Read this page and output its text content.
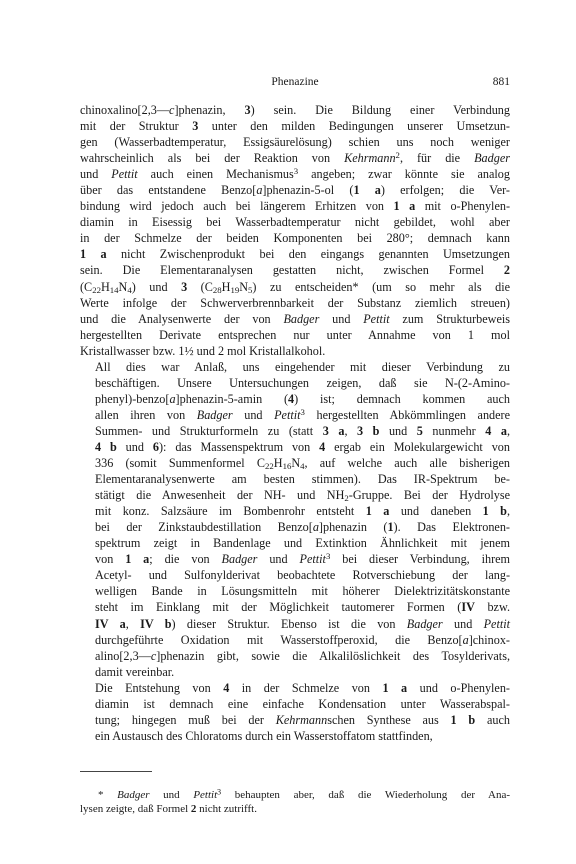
Phenazine	881

chinoxalino[2,3—c]phenazin, 3) sein. Die Bildung einer Verbindung
mit der Struktur 3 unter den milden Bedingungen unserer Umsetzun-
gen (Wasserbadtemperatur, Essigsäurelösung) schien uns noch weniger
wahrscheinlich als bei der Reaktion von Kehrmann$^2$, für die Badger
und Pettit auch einen Mechanismus$^3$ angeben; zwar könnte sie analog
über das entstandene Benzo[a]phenazin-5-ol (1 a) erfolgen; die Ver-
bindung wird jedoch auch bei längerem Erhitzen von 1 a mit o-Phenylen-
diamin in Eisessig bei Wasserbadtemperatur nicht gebildet, wohl aber
in der Schmelze der beiden Komponenten bei 280°; demnach kann
1 a nicht Zwischenprodukt bei den eingangs genannten Umsetzungen
sein. Die Elementaranalysen gestatten nicht, zwischen Formel 2
$(C_{22}H_{14}N_4)$ und 3 $(C_{28}H_{19}N_5)$ zu entscheiden* (um so mehr als die
Werte infolge der Schwerverbrennbarkeit der Substanz ziemlich streuen)
und die Analysenwerte der von Badger und Pettit zum Strukturbeweis
hergestellten Derivate entsprechen nur unter Annahme von 1 mol
Kristallwasser bzw. 1½ und 2 mol Kristallalkohol.

All dies war Anlaß, uns eingehender mit dieser Verbindung zu
beschäftigen. Unsere Untersuchungen zeigen, daß sie N-(2-Amino-
phenyl)-benzo[a]phenazin-5-amin (4) ist; demnach kommen auch
allen ihren von Badger und Pettit$^3$ hergestellten Abkömmlingen andere
Summen- und Strukturformeln zu (statt 3 a, 3 b und 5 nunmehr 4 a,
4 b und 6): das Massenspektrum von 4 ergab ein Molekulargewicht von
336 (somit Summenformel $C_{22}H_{16}N_4$, auf welche auch alle bisherigen
Elementaranalysenwerte am besten stimmen). Das IR-Spektrum be-
stätigt die Anwesenheit der NH- und $NH_2$-Gruppe. Bei der Hydrolyse
mit konz. Salzsäure im Bombenrohr entsteht 1 a und daneben 1 b,
bei der Zinkstaubdestillation Benzo[a]phenazin (1). Das Elektronen-
spektrum zeigt in Bandenlage und Extinktion Ähnlichkeit mit jenem
von 1 a; die von Badger und Pettit$^3$ bei dieser Verbindung, ihrem
Acetyl- und Sulfonylderivat beobachtete Rotverschiebung der lang-
welligen Bande in Lösungsmitteln mit höherer Dielektrizitätskonstante
steht im Einklang mit der Möglichkeit tautomerer Formen (IV bzw.
IV a, IV b) dieser Struktur. Ebenso ist die von Badger und Pettit
durchgeführte Oxidation mit Wasserstoffperoxid, die Benzo[a]chinox-
alino[2,3—c]phenazin gibt, sowie die Alkalilöslichkeit des Tosylderivats,
damit vereinbar.

Die Entstehung von 4 in der Schmelze von 1 a und o-Phenylen-
diamin ist demnach eine einfache Kondensation unter Wasserabspal-
tung; hingegen muß bei der Kehrmannschen Synthese aus 1 b auch
ein Austausch des Chloratoms durch ein Wasserstoffatom stattfinden,

* Badger und Pettit$^3$ behaupten aber, daß die Wiederholung der Ana-
lysen zeigte, daß Formel 2 nicht zutrifft.
